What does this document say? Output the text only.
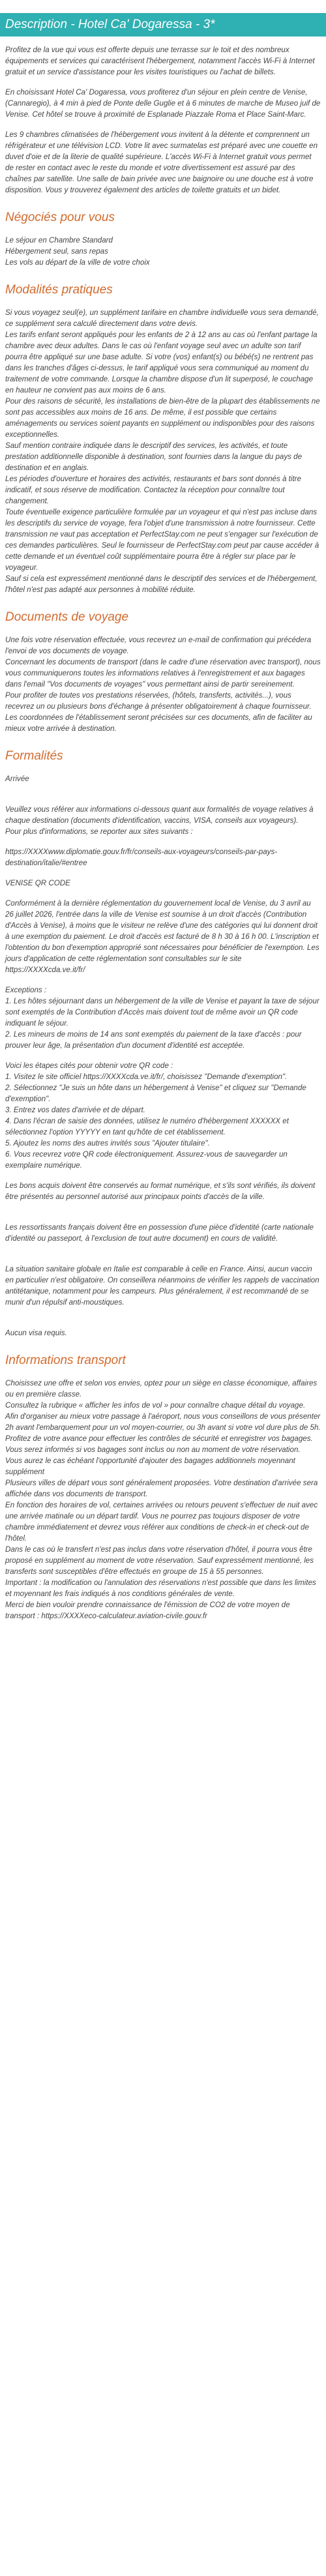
Description - Hotel Ca' Dogaressa - 3*

Profitez de la vue qui vous est offerte depuis une terrasse sur le toit et des nombreux équipements et services qui caractérisent l'hébergement, notamment l'accès Wi-Fi à Internet gratuit et un service d'assistance pour les visites touristiques ou l'achat de billets.

En choisissant Hotel Ca' Dogaressa, vous profiterez d'un séjour en plein centre de Venise, (Cannaregio), à 4 min à pied de Ponte delle Guglie et à 6 minutes de marche de Museo juif de Venise. Cet hôtel se trouve à proximité de Esplanade Piazzale Roma et Place Saint-Marc.

Les 9 chambres climatisées de l'hébergement vous invitent à la détente et comprennent un réfrigérateur et une télévision LCD. Votre lit avec surmatelas est préparé avec une couette en duvet d'oie et de la literie de qualité supérieure. L'accès Wi-Fi à Internet gratuit vous permet de rester en contact avec le reste du monde et votre divertissement est assuré par des chaînes par satellite. Une salle de bain privée avec une baignoire ou une douche est à votre disposition. Vous y trouverez également des articles de toilette gratuits et un bidet.

Négociés pour vous

Le séjour en Chambre Standard
Hébergement seul, sans repas
Les vols au départ de la ville de votre choix

Modalités pratiques

Si vous voyagez seul(e), un supplément tarifaire en chambre individuelle vous sera demandé, ce supplément sera calculé directement dans votre devis.
Les tarifs enfant seront appliqués pour les enfants de 2 à 12 ans au cas où l'enfant partage la chambre avec deux adultes. Dans le cas où l'enfant voyage seul avec un adulte son tarif pourra être appliqué sur une base adulte. Si votre (vos) enfant(s) ou bébé(s) ne rentrent pas dans les tranches d'âges ci-dessus, le tarif appliqué vous sera communiqué au moment du traitement de votre commande. Lorsque la chambre dispose d'un lit superposé, le couchage en hauteur ne convient pas aux moins de 6 ans.
Pour des raisons de sécurité, les installations de bien-être de la plupart des établissements ne sont pas accessibles aux moins de 16 ans. De même, il est possible que certains aménagements ou services soient payants en supplément ou indisponibles pour des raisons exceptionnelles.
Sauf mention contraire indiquée dans le descriptif des services, les activités, et toute prestation additionnelle disponible à destination, sont fournies dans la langue du pays de destination et en anglais.
Les périodes d'ouverture et horaires des activités, restaurants et bars sont donnés à titre indicatif, et sous réserve de modification. Contactez la réception pour connaître tout changement.
Toute éventuelle exigence particulière formulée par un voyageur et qui n'est pas incluse dans les descriptifs du service de voyage, fera l'objet d'une transmission à notre fournisseur. Cette transmission ne vaut pas acceptation et PerfectStay.com ne peut s'engager sur l'exécution de ces demandes particulières. Seul le fournisseur de PerfectStay.com peut par cause accéder à cette demande et un éventuel coût supplémentaire pourra être à régler sur place par le voyageur.
Sauf si cela est expressément mentionné dans le descriptif des services et de l'hébergement, l'hôtel n'est pas adapté aux personnes à mobilité réduite.

Documents de voyage

Une fois votre réservation effectuée, vous recevrez un e-mail de confirmation qui précédera l'envoi de vos documents de voyage.
Concernant les documents de transport (dans le cadre d'une réservation avec transport), nous vous communiquerons toutes les informations relatives à l'enregistrement et aux bagages dans l'email "Vos documents de voyages" vous permettant ainsi de partir sereinement.
Pour profiter de toutes vos prestations réservées, (hôtels, transferts, activités...), vous recevrez un ou plusieurs bons d'échange à présenter obligatoirement à chaque fournisseur.
Les coordonnées de l'établissement seront précisées sur ces documents, afin de faciliter au mieux votre arrivée à destination.

Formalités

Arrivée

Veuillez vous référer aux informations ci-dessous quant aux formalités de voyage relatives à chaque destination (documents d'identification, vaccins, VISA, conseils aux voyageurs).
Pour plus d'informations, se reporter aux sites suivants :

https://XXXXwww.diplomatie.gouv.fr/fr/conseils-aux-voyageurs/conseils-par-pays-destination/italie/#entree

VENISE QR CODE

Conformément à la dernière réglementation du gouvernement local de Venise, du 3 avril au 26 juillet 2026, l'entrée dans la ville de Venise est soumise à un droit d'accès (Contribution d'Accès à Venise), à moins que le visiteur ne relève d'une des catégories qui lui donnent droit à une exemption du paiement. Le droit d'accès est facturé de 8 h 30 à 16 h 00. L'inscription et l'obtention du bon d'exemption approprié sont nécessaires pour bénéficier de l'exemption. Les jours d'application de cette réglementation sont consultables sur le site https://XXXXcda.ve.it/fr/

Exceptions :
1. Les hôtes séjournant dans un hébergement de la ville de Venise et payant la taxe de séjour sont exemptés de la Contribution d'Accès mais doivent tout de même avoir un QR code indiquant le séjour.
2. Les mineurs de moins de 14 ans sont exemptés du paiement de la taxe d'accès : pour prouver leur âge, la présentation d'un document d'identité est acceptée.

Voici les étapes cités pour obtenir votre QR code :
1. Visitez le site officiel https://XXXXcda.ve.it/fr/, choisissez "Demande d'exemption".
2. Sélectionnez "Je suis un hôte dans un hébergement à Venise" et cliquez sur "Demande d'exemption".
3. Entrez vos dates d'arrivée et de départ.
4. Dans l'écran de saisie des données, utilisez le numéro d'hébergement XXXXXX et sélectionnez l'option YYYYY en tant qu'hôte de cet établissement.
5. Ajoutez les noms des autres invités sous "Ajouter titulaire".
6. Vous recevrez votre QR code électroniquement. Assurez-vous de sauvegarder un exemplaire numérique.

Les bons acquis doivent être conservés au format numérique, et s'ils sont vérifiés, ils doivent être présentés au personnel autorisé aux principaux points d'accès de la ville.

Les ressortissants français doivent être en possession d'une pièce d'identité (carte nationale d'identité ou passeport, à l'exclusion de tout autre document) en cours de validité.

La situation sanitaire globale en Italie est comparable à celle en France. Ainsi, aucun vaccin en particulier n'est obligatoire. On conseillera néanmoins de vérifier les rappels de vaccination antitétanique, notamment pour les campeurs. Plus généralement, il est recommandé de se munir d'un répulsif anti-moustiques.

Aucun visa requis.

Informations transport

Choisissez une offre et selon vos envies, optez pour un siège en classe économique, affaires ou en première classe.
Consultez la rubrique « afficher les infos de vol » pour connaître chaque détail du voyage.
Afin d'organiser au mieux votre passage à l'aéroport, nous vous conseillons de vous présenter 2h avant l'embarquement pour un vol moyen-courrier, ou 3h avant si votre vol dure plus de 5h. Profitez de votre avance pour effectuer les contrôles de sécurité et enregistrer vos bagages.
Vous serez informés si vos bagages sont inclus ou non au moment de votre réservation.
Vous aurez le cas échéant l'opportunité d'ajouter des bagages additionnels moyennant supplément
Plusieurs villes de départ vous sont généralement proposées. Votre destination d'arrivée sera affichée dans vos documents de transport.
En fonction des horaires de vol, certaines arrivées ou retours peuvent s'effectuer de nuit avec une arrivée matinale ou un départ tardif. Vous ne pourrez pas toujours disposer de votre chambre immédiatement et devrez vous référer aux conditions de check-in et check-out de l'hôtel.
Dans le cas où le transfert n'est pas inclus dans votre réservation d'hôtel, il pourra vous être proposé en supplément au moment de votre réservation. Sauf expressément mentionné, les transferts sont susceptibles d'être effectués en groupe de 15 à 55 personnes.
Important : la modification ou l'annulation des réservations n'est possible que dans les limites et moyennant les frais indiqués à nos conditions générales de vente.
Merci de bien vouloir prendre connaissance de l'émission de CO2 de votre moyen de transport : https://XXXXeco-calculateur.aviation-civile.gouv.fr
